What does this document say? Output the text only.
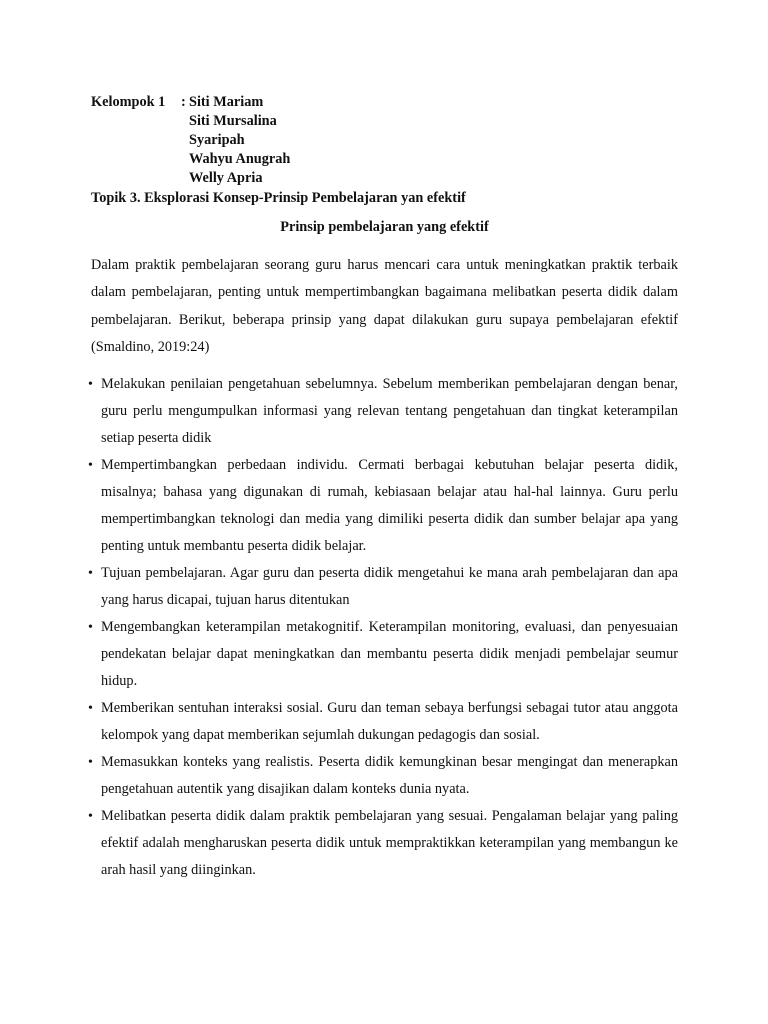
Kelompok 1 : Siti Mariam
Siti Mursalina
Syaripah
Wahyu Anugrah
Welly Apria
Topik 3. Eksplorasi Konsep-Prinsip Pembelajaran yan efektif
Prinsip pembelajaran yang efektif

Dalam praktik pembelajaran seorang guru harus mencari cara untuk meningkatkan praktik terbaik dalam pembelajaran, penting untuk mempertimbangkan bagaimana melibatkan peserta didik dalam pembelajaran. Berikut, beberapa prinsip yang dapat dilakukan guru supaya pembelajaran efektif (Smaldino, 2019:24)

• Melakukan penilaian pengetahuan sebelumnya. Sebelum memberikan pembelajaran dengan benar, guru perlu mengumpulkan informasi yang relevan tentang pengetahuan dan tingkat keterampilan setiap peserta didik
• Mempertimbangkan perbedaan individu. Cermati berbagai kebutuhan belajar peserta didik, misalnya; bahasa yang digunakan di rumah, kebiasaan belajar atau hal-hal lainnya. Guru perlu mempertimbangkan teknologi dan media yang dimiliki peserta didik dan sumber belajar apa yang penting untuk membantu peserta didik belajar.
• Tujuan pembelajaran. Agar guru dan peserta didik mengetahui ke mana arah pembelajaran dan apa yang harus dicapai, tujuan harus ditentukan
• Mengembangkan keterampilan metakognitif. Keterampilan monitoring, evaluasi, dan penyesuaian pendekatan belajar dapat meningkatkan dan membantu peserta didik menjadi pembelajar seumur hidup.
• Memberikan sentuhan interaksi sosial. Guru dan teman sebaya berfungsi sebagai tutor atau anggota kelompok yang dapat memberikan sejumlah dukungan pedagogis dan sosial.
• Memasukkan konteks yang realistis. Peserta didik kemungkinan besar mengingat dan menerapkan pengetahuan autentik yang disajikan dalam konteks dunia nyata.
• Melibatkan peserta didik dalam praktik pembelajaran yang sesuai. Pengalaman belajar yang paling efektif adalah mengharuskan peserta didik untuk mempraktikkan keterampilan yang membangun ke arah hasil yang diinginkan.
